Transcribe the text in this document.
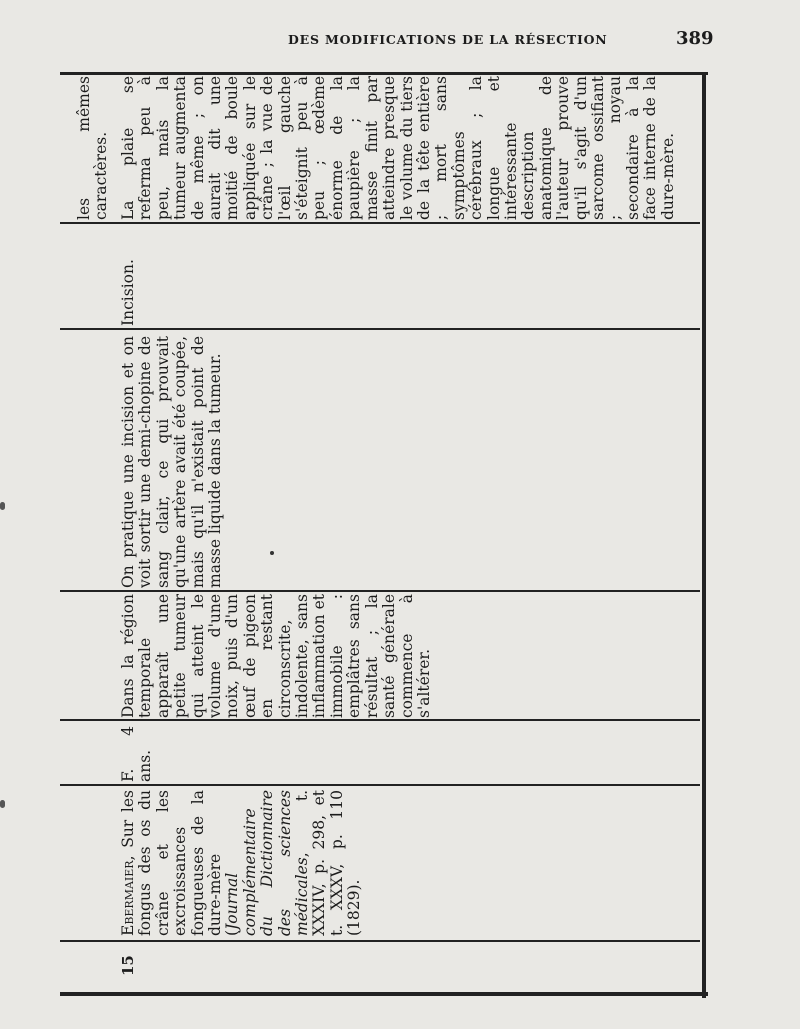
DES MODIFICATIONS DE LA RÉSECTION	389
15

Ebermaier, Sur les fongus des os du crâne et les excroissances fongueuses de la dure-mère (Journal complémentaire du Dictionnaire des sciences médicales, t. XXXIV, p. 298, et t. XXXV, p. 110 (1829).

F. 4 ans.

Dans la région temporale apparaît une petite tumeur qui atteint le volume d'une noix, puis d'un œuf de pigeon en restant circonscrite, indolente, sans inflammation et immobile : emplâtres sans résultat ; la santé générale commence à s'altérer.

On pratique une incision et on voit sortir une demi-chopine de sang clair, ce qui prouvait qu'une artère avait été coupée, mais qu'il n'existait point de masse liquide dans la tumeur.

Incision.

La plaie se referma peu à peu, mais la tumeur augmenta de même ; on aurait dit une moitié de boule appliquée sur le crâne ; la vue de l'œil gauche s'éteignit peu à peu ; œdème énorme de la paupière ; la masse finit par atteindre presque le volume du tiers de la tête entière ; mort sans symptômes cérébraux ; la longue et intéressante description anatomique de l'auteur prouve qu'il s'agit d'un sarcome ossifiant ; noyau secondaire à la face interne de la dure-mère.

les mêmes caractères.
